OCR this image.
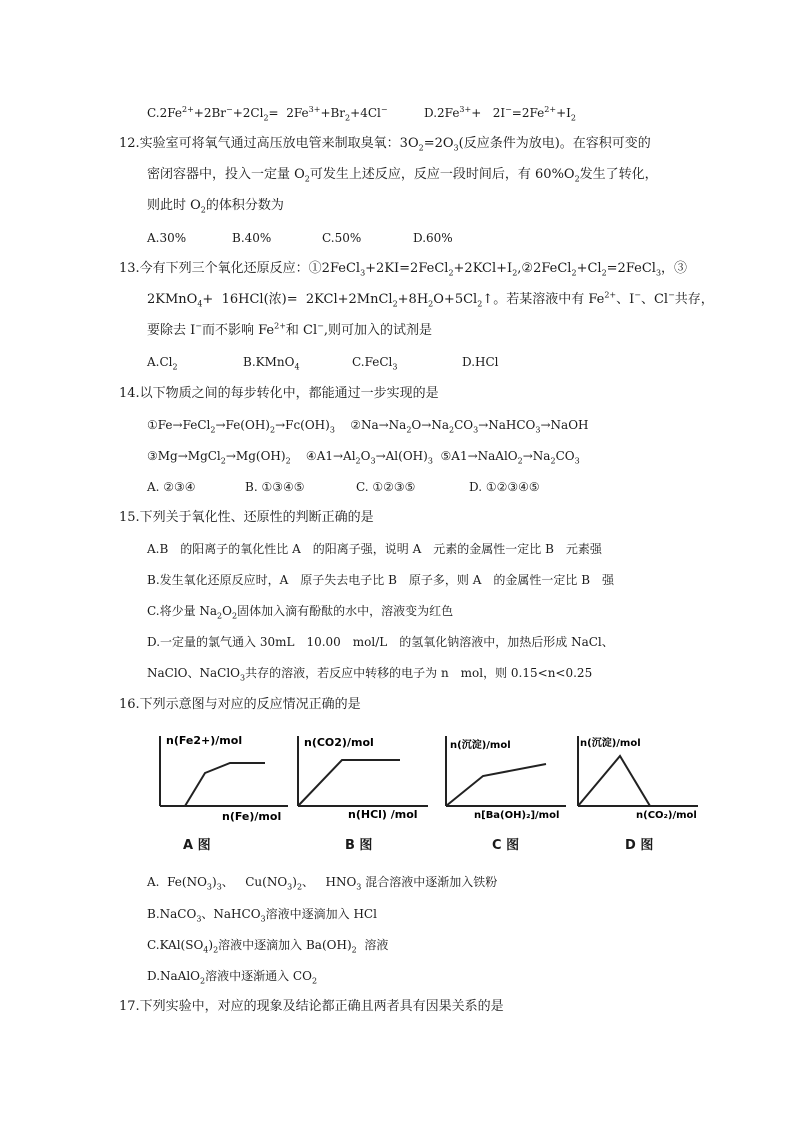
$C.2Fe^{2+}+2Br^-+2Cl_2= 2Fe^{3+}+Br_2+4Cl^-$	$D.2Fe^{3+}+ 2I^-=2Fe^{2+}+I_2$
12.实验室可将氧气通过高压放电管来制取臭氧：$3O_2=2O_3$(反应条件为放电)。在容积可变的
密闭容器中，投入一定量 $O_2$可发生上述反应，反应一段时间后，有 $60\%O_2$发生了转化，
则此时 $O_2$的体积分数为
A.30%	B.40%	C.50%	D.60%
13.今有下列三个氧化还原反应：$①2FeCl_3+2KI=2FeCl_2+2KCl+I_2,②2FeCl_2+Cl_2=2FeCl_3$，③
2KMnO$_4$+  16HCl(浓)=  $2KCl+2MnCl_2+8H_2O+5Cl_2↑$。若某溶液中有 $Fe^{2+}$、I−、Cl−共存，
要除去 I−而不影响 $Fe^{2+}$和 Cl−,则可加入的试剂是
$A.Cl_2$	B.KMnO$_4$	C.FeCl$_3$	D.HCl
14.以下物质之间的每步转化中，都能通过一步实现的是
$①Fe\to FeCl_2\to Fe(OH)_2\to Fc(OH)_3$    $②Na\to Na_2O\to Na_2CO_3\to NaHCO_3\to NaOH$
$③Mg\to MgCl_2\to Mg(OH)_2$    $④A1\to Al_2O_3\to Al(OH)_3$  $⑤A1\to NaAlO_2\to Na_2CO_3$
A. ②③④	B. ①③④⑤	C. ①②③⑤	D. ①②③④⑤
15.下列关于氧化性、还原性的判断正确的是
A.B　的阳离子的氧化性比 A　的阳离子强，说明 A　元素的金属性一定比 B　元素强
B.发生氧化还原反应时，A　原子失去电子比 B　原子多，则 A　的金属性一定比 B　强
C.将少量 $Na_2O_2$固体加入滴有酚酞的水中，溶液变为红色
D.一定量的氯气通入 30mL　10.00　mol/L　的氢氧化钠溶液中，加热后形成 NaCl、
NaClO、NaClO$_3$共存的溶液，若反应中转移的电子为 n　mol，则 0.15<n<0.25
16.下列示意图与对应的反应情况正确的是
n(Fe2+)/mol
n(Fe)/mol
n(CO2)/mol
n(HCl) /mol
n(沉淀)/mol
n[Ba(OH)₂]/mol
n(沉淀)/mol
n(CO₂)/mol
A 图	B 图	C 图	D 图
A.  $Fe(NO_3)_3$、   $Cu(NO_3)_2$、   $HNO_3$ 混合溶液中逐渐加入铁粉
B.NaCO$_3$、NaHCO$_3$溶液中逐滴加入 HCl
$C.KAl(SO_4)_2$溶液中逐滴加入 $Ba(OH)_2$  溶液
D.NaAlO$_2$溶液中逐渐通入 $CO_2$
17.下列实验中，对应的现象及结论都正确且两者具有因果关系的是
